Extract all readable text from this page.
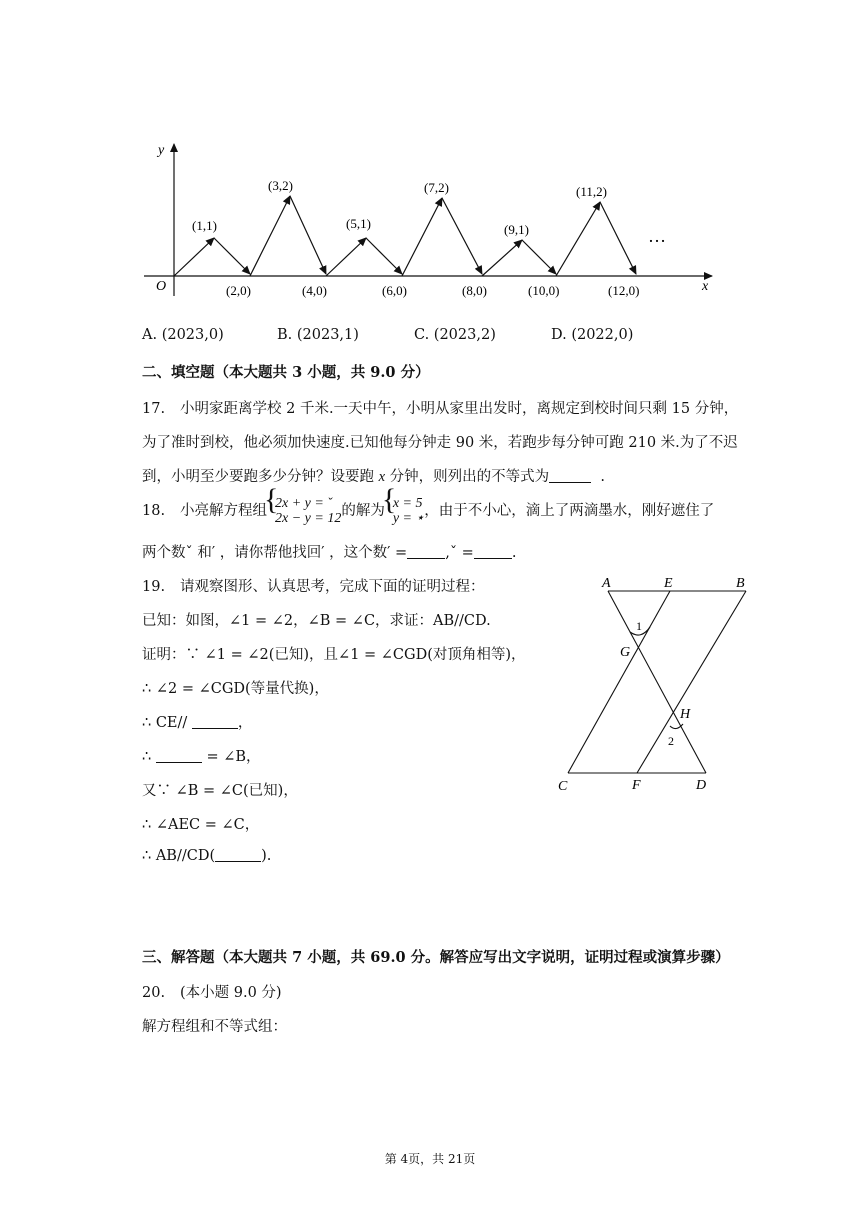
y
x
O
(1,1)
(3,2)
(5,1)
(7,2)
(9,1)
(11,2)
(2,0)	(4,0)	(6,0)	(8,0)	(10,0)	(12,0)
…
A. (2023,0)	B. (2023,1)	C. (2023,2)	D. (2022,0)
二、填空题（本大题共 3 小题，共 9.0 分）
17. 小明家距离学校 2 千米.一天中午，小明从家里出发时，离规定到校时间只剩 15 分钟，
为了准时到校，他必须加快速度.已知他每分钟走 90 米，若跑步每分钟可跑 210 米.为了不迟
到，小明至少要跑多少分钟？设要跑 x 分钟，则列出的不等式为	.
18. 小亮解方程组 { 2x + y = ˇ
2x − y = 12 的解为 { x = 5
y = ⋆ ，由于不小心，滴上了两滴墨水，刚好遮住了
两个数ˇ 和′ ，请你帮他找回′ ，这个数′ =	,ˇ =	.
19. 请观察图形、认真思考，完成下面的证明过程：
已知：如图，∠1 = ∠2，∠B = ∠C，求证：AB//CD.
证明：∵ ∠1 = ∠2(已知)，且∠1 = ∠CGD(对顶角相等)，
∴ ∠2 = ∠CGD(等量代换)，
∴ CE//	，
∴	= ∠B，
又∵ ∠B = ∠C(已知)，
∴ ∠AEC = ∠C，
∴ AB//CD(	).
A	E	B
G
H
C	F	D
1
2
三、解答题（本大题共 7 小题，共 69.0 分。解答应写出文字说明，证明过程或演算步骤）
20. (本小题 9.0 分)
解方程组和不等式组：
第 4页，共 21页
